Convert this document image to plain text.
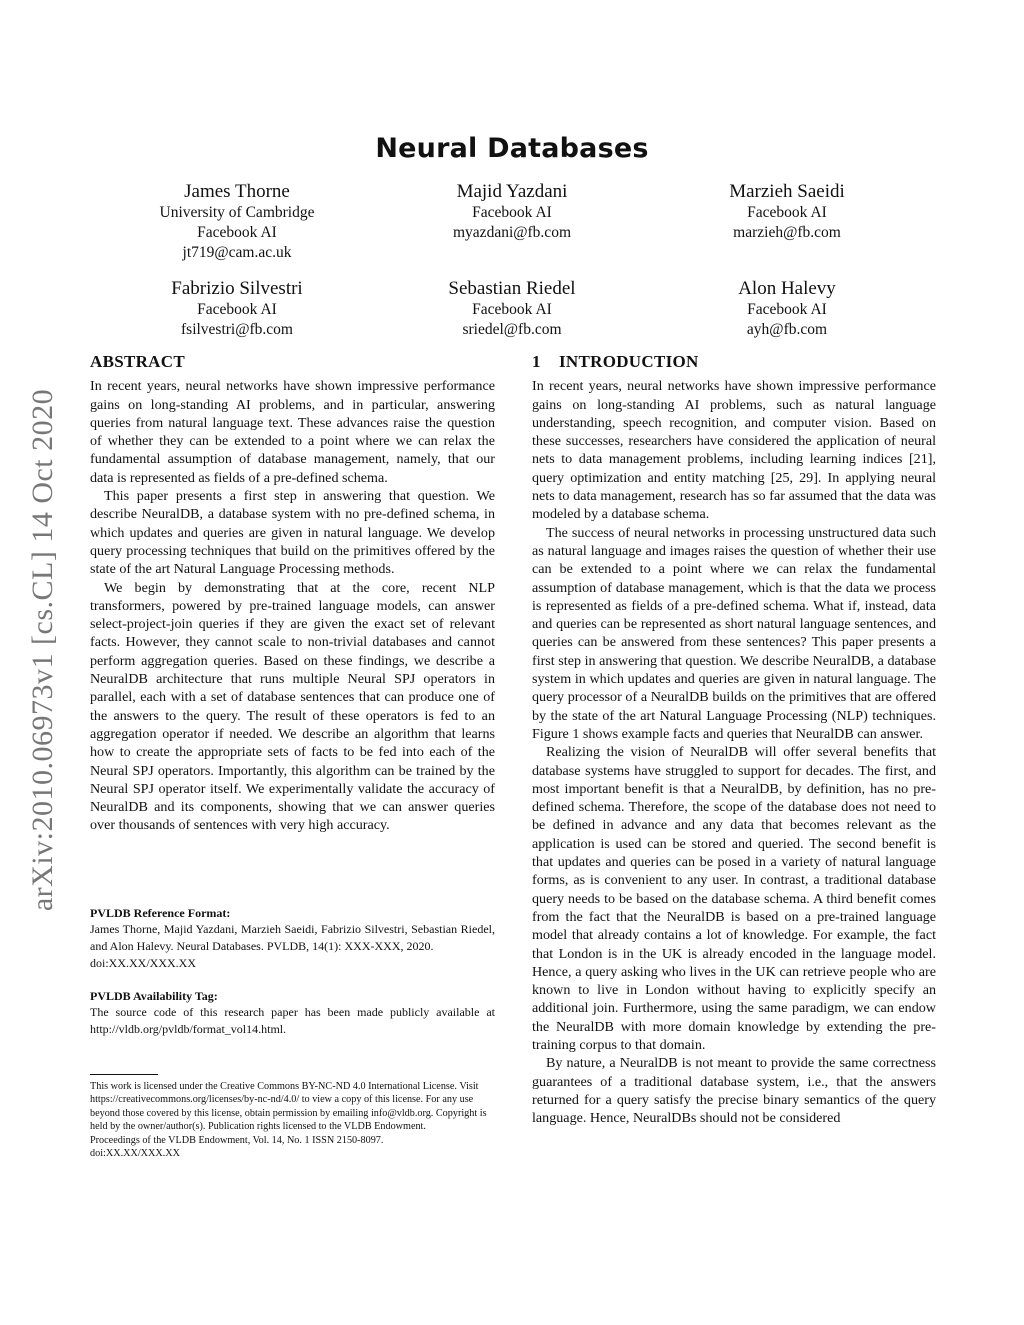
arXiv:2010.06973v1 [cs.CL] 14 Oct 2020
Neural Databases
James Thorne
University of Cambridge
Facebook AI
jt719@cam.ac.uk
Majid Yazdani
Facebook AI
myazdani@fb.com
Marzieh Saeidi
Facebook AI
marzieh@fb.com
Fabrizio Silvestri
Facebook AI
fsilvestri@fb.com
Sebastian Riedel
Facebook AI
sriedel@fb.com
Alon Halevy
Facebook AI
ayh@fb.com
ABSTRACT

In recent years, neural networks have shown impressive performance gains on long-standing AI problems, and in particular, answering queries from natural language text. These advances raise the question of whether they can be extended to a point where we can relax the fundamental assumption of database management, namely, that our data is represented as fields of a pre-defined schema.

This paper presents a first step in answering that question. We describe NeuralDB, a database system with no pre-defined schema, in which updates and queries are given in natural language. We develop query processing techniques that build on the primitives offered by the state of the art Natural Language Processing methods.

We begin by demonstrating that at the core, recent NLP transformers, powered by pre-trained language models, can answer select-project-join queries if they are given the exact set of relevant facts. However, they cannot scale to non-trivial databases and cannot perform aggregation queries. Based on these findings, we describe a NeuralDB architecture that runs multiple Neural SPJ operators in parallel, each with a set of database sentences that can produce one of the answers to the query. The result of these operators is fed to an aggregation operator if needed. We describe an algorithm that learns how to create the appropriate sets of facts to be fed into each of the Neural SPJ operators. Importantly, this algorithm can be trained by the Neural SPJ operator itself. We experimentally validate the accuracy of NeuralDB and its components, showing that we can answer queries over thousands of sentences with very high accuracy.

PVLDB Reference Format:

James Thorne, Majid Yazdani, Marzieh Saeidi, Fabrizio Silvestri, Sebastian Riedel, and Alon Halevy. Neural Databases. PVLDB, 14(1): XXX-XXX, 2020.

doi:XX.XX/XXX.XX

PVLDB Availability Tag:

The source code of this research paper has been made publicly available at http://vldb.org/pvldb/format_vol14.html.

This work is licensed under the Creative Commons BY-NC-ND 4.0 International License. Visit https://creativecommons.org/licenses/by-nc-nd/4.0/ to view a copy of this license. For any use beyond those covered by this license, obtain permission by emailing info@vldb.org. Copyright is held by the owner/author(s). Publication rights licensed to the VLDB Endowment.

Proceedings of the VLDB Endowment, Vol. 14, No. 1 ISSN 2150-8097.

doi:XX.XX/XXX.XX

1    INTRODUCTION

In recent years, neural networks have shown impressive performance gains on long-standing AI problems, such as natural language understanding, speech recognition, and computer vision. Based on these successes, researchers have considered the application of neural nets to data management problems, including learning indices [21], query optimization and entity matching [25, 29]. In applying neural nets to data management, research has so far assumed that the data was modeled by a database schema.

The success of neural networks in processing unstructured data such as natural language and images raises the question of whether their use can be extended to a point where we can relax the fundamental assumption of database management, which is that the data we process is represented as fields of a pre-defined schema. What if, instead, data and queries can be represented as short natural language sentences, and queries can be answered from these sentences? This paper presents a first step in answering that question. We describe NeuralDB, a database system in which updates and queries are given in natural language. The query processor of a NeuralDB builds on the primitives that are offered by the state of the art Natural Language Processing (NLP) techniques. Figure 1 shows example facts and queries that NeuralDB can answer.

Realizing the vision of NeuralDB will offer several benefits that database systems have struggled to support for decades. The first, and most important benefit is that a NeuralDB, by definition, has no pre-defined schema. Therefore, the scope of the database does not need to be defined in advance and any data that becomes relevant as the application is used can be stored and queried. The second benefit is that updates and queries can be posed in a variety of natural language forms, as is convenient to any user. In contrast, a traditional database query needs to be based on the database schema. A third benefit comes from the fact that the NeuralDB is based on a pre-trained language model that already contains a lot of knowledge. For example, the fact that London is in the UK is already encoded in the language model. Hence, a query asking who lives in the UK can retrieve people who are known to live in London without having to explicitly specify an additional join. Furthermore, using the same paradigm, we can endow the NeuralDB with more domain knowledge by extending the pre-training corpus to that domain.

By nature, a NeuralDB is not meant to provide the same correctness guarantees of a traditional database system, i.e., that the answers returned for a query satisfy the precise binary semantics of the query language. Hence, NeuralDBs should not be considered
